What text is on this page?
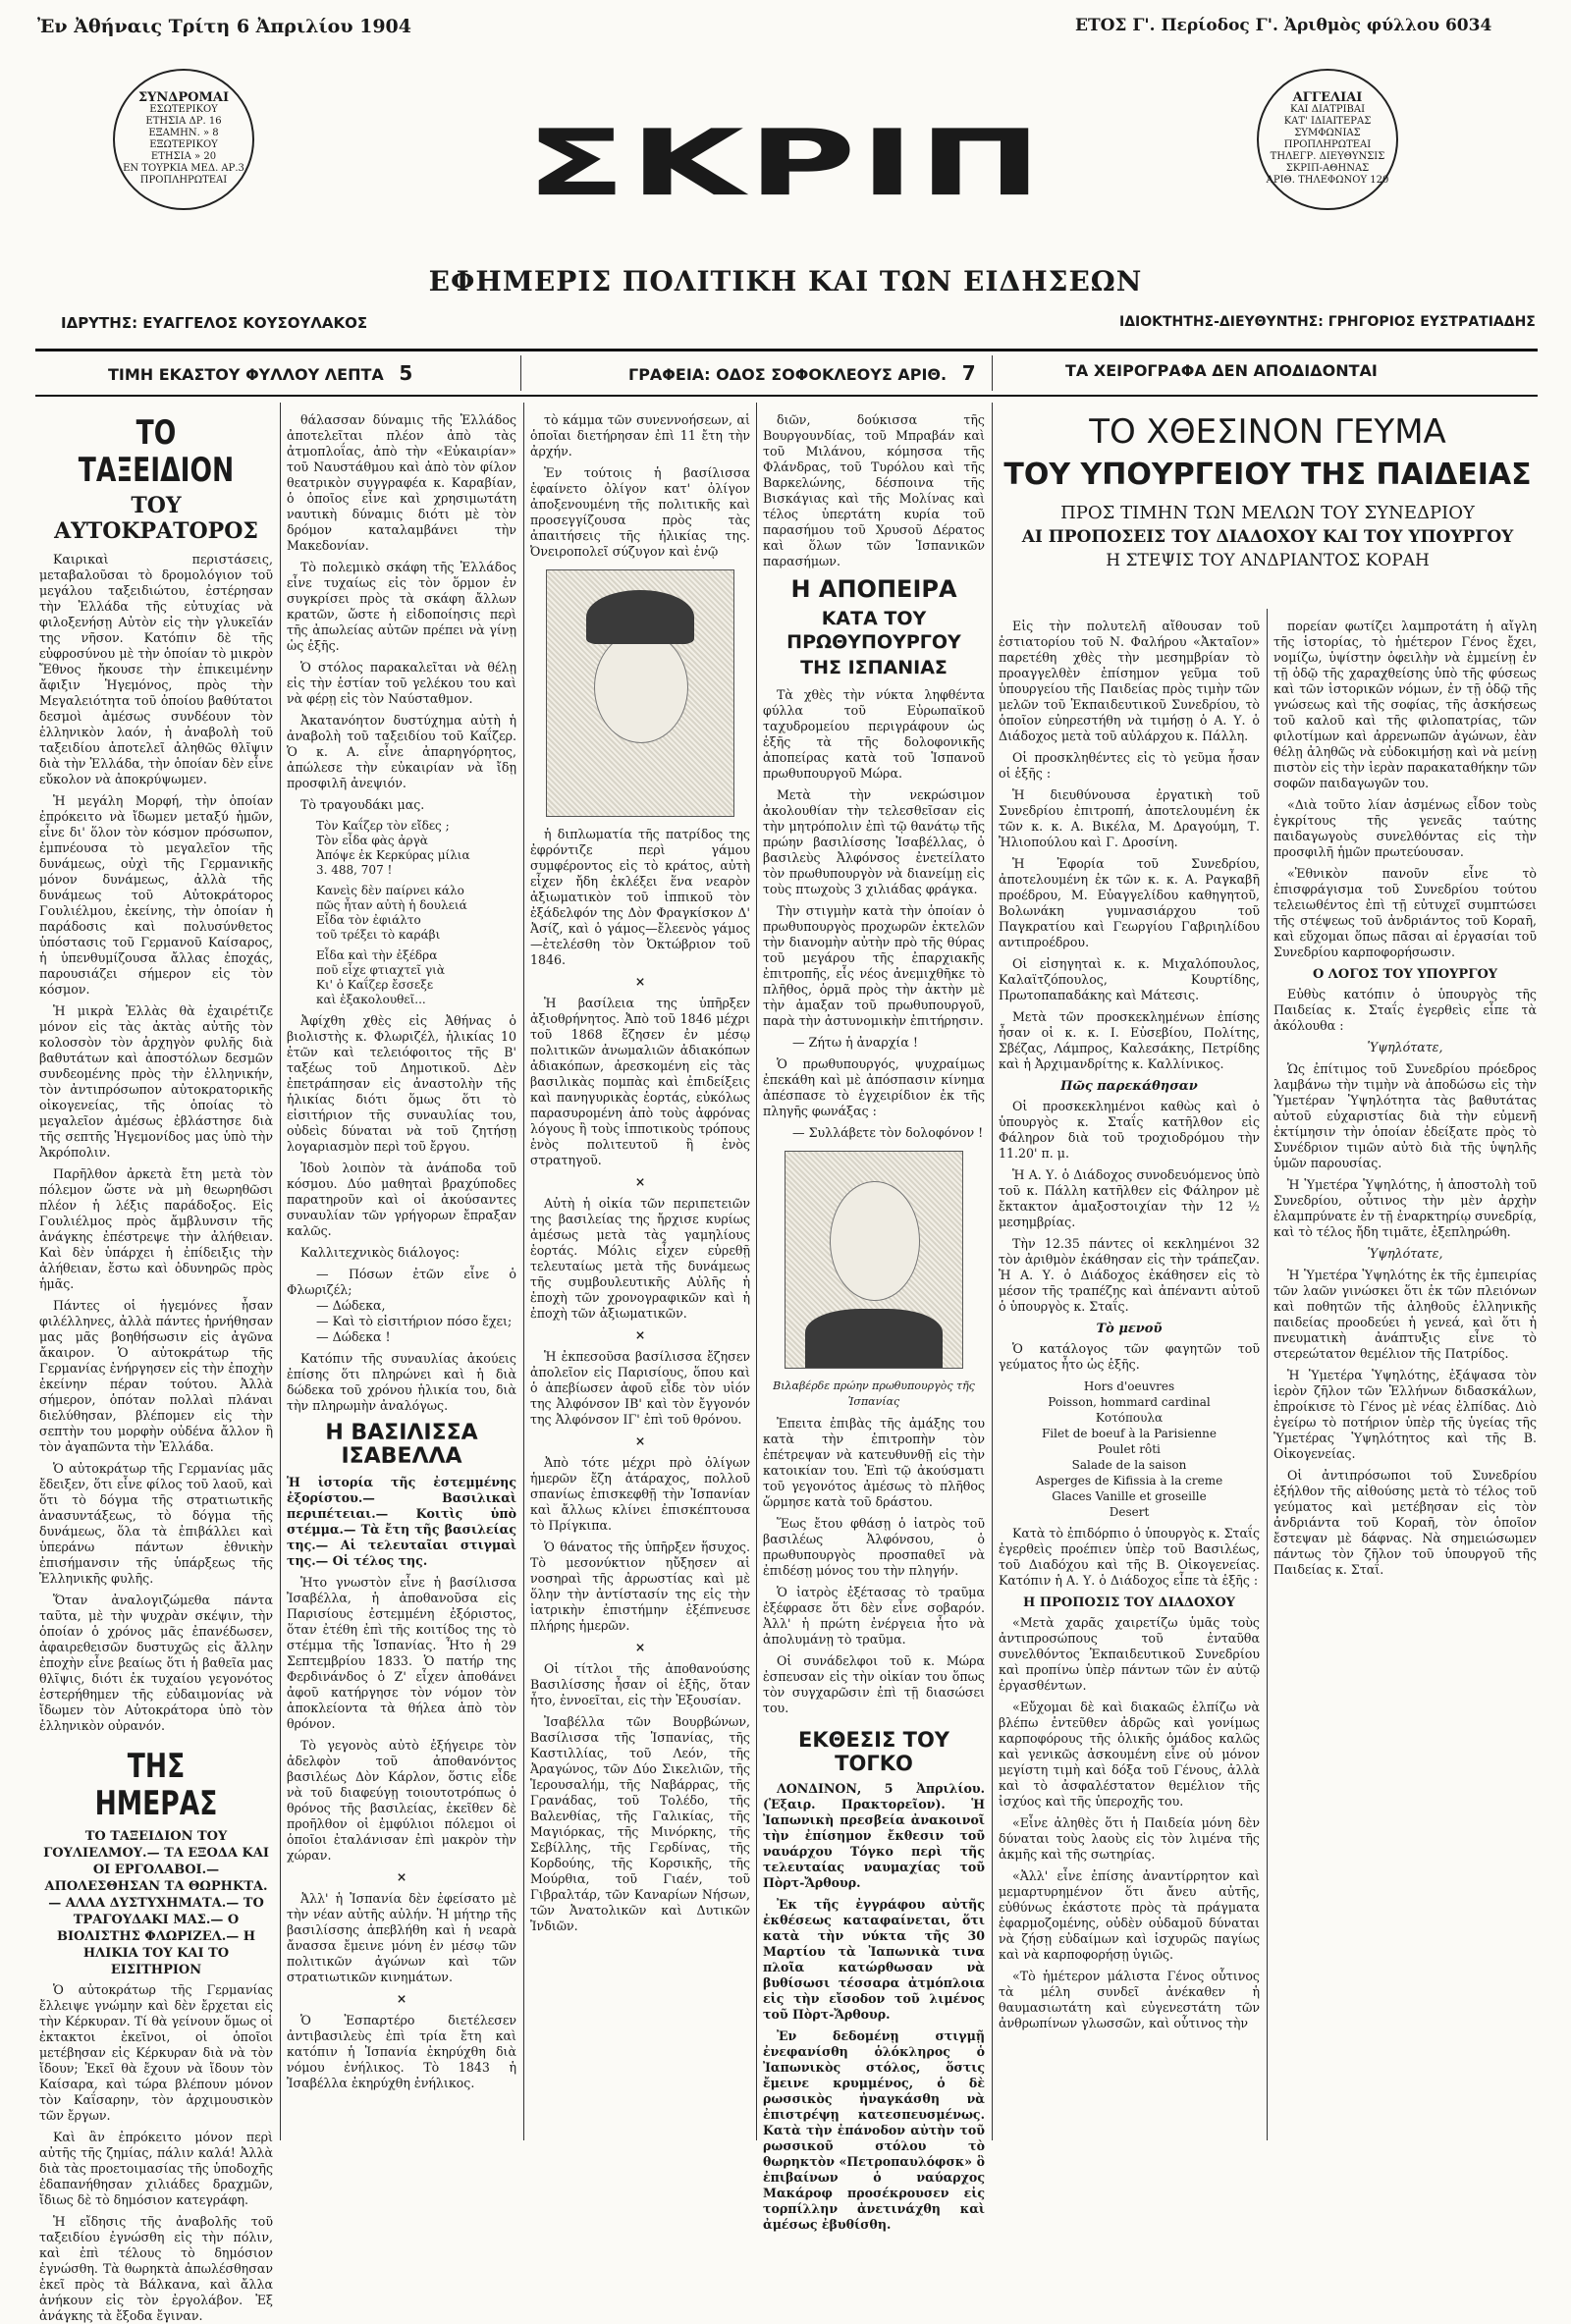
Ἐν Ἀθήναις Τρίτη 6 Ἀπριλίου 1904	ΕΤΟΣ Γ'. Περίοδος Γ'. Ἀριθμὸς φύλλου 6034
ΣΥΝΔΡΟΜΑΙ
ΕΣΩΤΕΡΙΚΟΥ
ΕΤΗΣΙΑ ΔΡ. 16
ΕΞΑΜΗΝ. » 8
ΕΞΩΤΕΡΙΚΟΥ
ΕΤΗΣΙΑ » 20
ΕΝ ΤΟΥΡΚΙΑ ΜΕΔ. ΑΡ.3
ΠΡΟΠΛΗΡΩΤΕΑΙ
ΑΓΓΕΛΙΑΙ
ΚΑΙ ΔΙΑΤΡΙΒΑΙ
ΚΑΤ' ΙΔΙΑΙΤΕΡΑΣ
ΣΥΜΦΩΝΙΑΣ
ΠΡΟΠΛΗΡΩΤΕΑΙ
ΤΗΛΕΓΡ. ΔΙΕΥΘΥΝΣΙΣ
ΣΚΡΙΠ-ΑΘΗΝΑΣ
ΑΡΙΘ. ΤΗΛΕΦΩΝΟΥ 120
ΣΚΡΙΠ
ΕΦΗΜΕΡΙΣ ΠΟΛΙΤΙΚΗ ΚΑΙ ΤΩΝ ΕΙΔΗΣΕΩΝ
ΙΔΡΥΤΗΣ: ΕΥΑΓΓΕΛΟΣ ΚΟΥΣΟΥΛΑΚΟΣ	ΙΔΙΟΚΤΗΤΗΣ-ΔΙΕΥΘΥΝΤΗΣ: ΓΡΗΓΟΡΙΟΣ ΕΥΣΤΡΑΤΙΑΔΗΣ
ΤΙΜΗ ΕΚΑΣΤΟΥ ΦΥΛΛΟΥ ΛΕΠΤΑ 5	ΓΡΑΦΕΙΑ: ΟΔΟΣ ΣΟΦΟΚΛΕΟΥΣ ΑΡΙΘ. 7	ΤΑ ΧΕΙΡΟΓΡΑΦΑ ΔΕΝ ΑΠΟΔΙΔΟΝΤΑΙ
ΤΟ ΤΑΞΕΙΔΙΟΝ
ΤΟΥ ΑΥΤΟΚΡΑΤΟΡΟΣ

Καιρικαὶ περιστάσεις, μεταβαλοῦσαι τὸ δρομολόγιον τοῦ μεγάλου ταξειδιώτου, ἐστέρησαν τὴν Ἑλλάδα τῆς εὐτυχίας νὰ φιλοξενήσῃ Αὐτὸν εἰς τὴν γλυκεῖάν της νῆσον. Κατόπιν δὲ τῆς εὐφροσύνου μὲ τὴν ὁποίαν τὸ μικρὸν Ἔθνος ἤκουσε τὴν ἐπικειμένην ἄφιξιν Ἡγεμόνος, πρὸς τὴν Μεγαλειότητα τοῦ ὁποίου βαθύτατοι δεσμοὶ ἀμέσως συνδέουν τὸν ἑλληνικὸν λαόν, ἡ ἀναβολὴ τοῦ ταξειδίου ἀποτελεῖ ἀληθῶς θλῖψιν διὰ τὴν Ἑλλάδα, τὴν ὁποίαν δὲν εἶνε εὔκολον νὰ ἀποκρύψωμεν.

Ἡ μεγάλη Μορφή, τὴν ὁποίαν ἐπρόκειτο νὰ ἴδωμεν μεταξύ ἡμῶν, εἶνε δι' ὅλον τὸν κόσμον πρόσωπον, ἐμπνέουσα τὸ μεγαλεῖον τῆς δυνάμεως, οὐχὶ τῆς Γερμανικῆς μόνον δυνάμεως, ἀλλὰ τῆς δυνάμεως τοῦ Αὐτοκράτορος Γουλιέλμου, ἐκείνης, τὴν ὁποίαν ἡ παράδοσις καὶ πολυσύνθετος ὑπόστασις τοῦ Γερμανοῦ Καίσαρος, ἡ ὑπενθυμίζουσα ἄλλας ἐποχάς, παρουσιάζει σήμερον εἰς τὸν κόσμον.

Ἡ μικρὰ Ἑλλὰς θὰ ἐχαιρέτιζε μόνον εἰς τὰς ἀκτὰς αὐτῆς τὸν κολοσσὸν τὸν ἀρχηγὸν φυλῆς διὰ βαθυτάτων καὶ ἀποστόλων δεσμῶν συνδεομένης πρὸς τὴν ἑλληνικήν, τὸν ἀντιπρόσωπον αὐτοκρατορικῆς οἰκογενείας, τῆς ὁποίας τὸ μεγαλεῖον ἀμέσως ἐβλάστησε διὰ τῆς σεπτῆς Ἡγεμονίδος μας ὑπὸ τὴν Ἀκρόπολιν.

Παρῆλθον ἀρκετὰ ἔτη μετὰ τὸν πόλεμον ὥστε νὰ μὴ θεωρηθῶσι πλέον ἡ λέξις παράδοξος. Εἰς Γουλιέλμος πρὸς ἄμβλυνσιν τῆς ἀνάγκης ἐπέστρεψε τὴν ἀλήθειαν. Καὶ δὲν ὑπάρχει ἡ ἐπίδειξις τὴν ἀλήθειαν, ἔστω καὶ ὀδυνηρῶς πρὸς ἡμᾶς.

Πάντες οἱ ἡγεμόνες ἦσαν φιλέλληνες, ἀλλὰ πάντες ἠρνήθησαν μας μᾶς βοηθήσωσιν εἰς ἀγῶνα ἄκαιρον. Ὁ αὐτοκράτωρ τῆς Γερμανίας ἐνήργησεν εἰς τὴν ἐποχὴν ἐκείνην πέραν τούτου. Ἀλλὰ σήμερον, ὁπόταν πολλαὶ πλάναι διελύθησαν, βλέπομεν εἰς τὴν σεπτὴν του μορφὴν οὐδένα ἄλλον ἢ τὸν ἀγαπῶντα τὴν Ἑλλάδα.

Ὁ αὐτοκράτωρ τῆς Γερμανίας μᾶς ἔδειξεν, ὅτι εἶνε φίλος τοῦ λαοῦ, καὶ ὅτι τὸ δόγμα τῆς στρατιωτικῆς ἀνασυντάξεως, τὸ δόγμα τῆς δυνάμεως, ὅλα τὰ ἐπιβάλλει καὶ ὑπεράνω πάντων ἐθνικὴν ἐπισήμανσιν τῆς ὑπάρξεως τῆς Ἑλληνικῆς φυλῆς.

Ὅταν ἀναλογιζώμεθα πάντα ταῦτα, μὲ τὴν ψυχρὰν σκέψιν, τὴν ὁποίαν ὁ χρόνος μᾶς ἐπανέδωσεν, ἀφαιρεθεισῶν δυστυχῶς εἰς ἄλλην ἐποχὴν εἶνε βεαίως ὅτι ἡ βαθεῖα μας θλῖψις, διότι ἐκ τυχαίου γεγονότος ἐστερήθημεν τῆς εὐδαιμονίας νὰ ἴδωμεν τὸν Αὐτοκράτορα ὑπὸ τὸν ἑλληνικὸν οὐρανόν.

ΤΗΣ ΗΜΕΡΑΣ
ΤΟ ΤΑΞΕΙΔΙΟΝ ΤΟΥ ΓΟΥΛΙΕΛΜΟΥ.— ΤΑ ΕΞΟΔΑ ΚΑΙ ΟΙ ΕΡΓΟΛΑΒΟΙ.—ΑΠΟΛΕΣΘΗΣΑΝ ΤΑ ΘΩΡΗΚΤΑ.— ΑΛΛΑ ΔΥΣΤΥΧΗΜΑΤΑ.— ΤΟ ΤΡΑΓΟΥΔΑΚΙ ΜΑΣ.— Ο ΒΙΟΛΙΣΤΗΣ ΦΛΩΡΙΖΕΛ.— Η ΗΛΙΚΙΑ ΤΟΥ ΚΑΙ ΤΟ ΕΙΣΙΤΗΡΙΟΝ

Ὁ αὐτοκράτωρ τῆς Γερμανίας ἔλλειψε γνώμην καὶ δὲν ἔρχεται εἰς τὴν Κέρκυραν. Τί θὰ γείνουν ὅμως οἱ ἐκτακτοι ἐκεῖνοι, οἱ ὁποῖοι μετέβησαν εἰς Κέρκυραν διὰ νὰ τὸν ἴδουν; Ἐκεῖ θὰ ἔχουν νὰ ἴδουν τὸν Καίσαρα, καὶ τώρα βλέπουν μόνον τὸν Καΐσαρην, τὸν ἀρχιμουσικὸν τῶν ἔργων.

Καὶ ἂν ἐπρόκειτο μόνον περὶ αὐτῆς τῆς ζημίας, πάλιν καλά! Ἀλλὰ διὰ τὰς προετοιμασίας τῆς ὑποδοχῆς ἐδαπανήθησαν χιλιάδες δραχμῶν, ἴδιως δὲ τὸ δημόσιον κατεγράφη.

Ἡ εἴδησις τῆς ἀναβολῆς τοῦ ταξειδίου ἐγνώσθη εἰς τὴν πόλιν, καὶ ἐπὶ τέλους τὸ δημόσιον ἐγνώσθη. Τὰ θωρηκτὰ ἀπωλέσθησαν ἐκεῖ πρὸς τὰ Βάλκανα, καὶ ἄλλα ἀνήκουν εἰς τὸν ἐργολάβον. Ἐξ ἀνάγκης τὰ ἔξοδα ἔγιναν.

θάλασσαν δύναμις τῆς Ἑλλάδος ἀποτελεῖται πλέον ἀπὸ τὰς ἀτμοπλοΐας, ἀπὸ τὴν «Εὐκαιρίαν» τοῦ Ναυστάθμου καὶ ἀπὸ τὸν φίλον θεατρικὸν συγγραφέα κ. Καραβίαν, ὁ ὁποῖος εἶνε καὶ χρησιμωτάτη ναυτικὴ δύναμις διότι μὲ τὸν δρόμον καταλαμβάνει τὴν Μακεδονίαν.

Τὸ πολεμικὸ σκάφη τῆς Ἑλλάδος εἶνε τυχαίως εἰς τὸν ὅρμον ἐν συγκρίσει πρὸς τὰ σκάφη ἄλλων κρατῶν, ὥστε ἡ εἰδοποίησις περὶ τῆς ἀπωλείας αὐτῶν πρέπει νὰ γίνῃ ὡς ἑξῆς.

Ὁ στόλος παρακαλεῖται νὰ θέλῃ εἰς τὴν ἑστίαν τοῦ γελέκου του καὶ νὰ φέρῃ εἰς τὸν Ναύσταθμον.

Ἀκατανόητον δυστύχημα αὐτὴ ἡ ἀναβολὴ τοῦ ταξειδίου τοῦ Καΐζερ. Ὁ κ. Α. εἶνε ἀπαρηγόρητος, ἀπώλεσε τὴν εὐκαιρίαν νὰ ἴδῃ προσφιλῆ ἀνεψιόν.

Τὸ τραγουδάκι μας.

Τὸν Καΐζερ τὸν εἴδες ;
Τὸν εἶδα φὰς ἀργὰ
Ἀπόψε ἐκ Κερκύρας μίλια
3. 488, 707 !
Κανεὶς δὲν παίρνει κάλο
πῶς ἦταν αὐτὴ ἡ δουλειά
Εἶδα τὸν ἐφιάλτο
τοῦ τρέξει τὸ καράβι
Εἶδα καὶ τὴν ἐξέδρα
ποῦ εἶχε φτιαχτεῖ γιὰ
Κι' ὁ Καΐζερ ἔσσεξε
καὶ ἐξακολουθεῖ...

Ἀφίχθη χθὲς εἰς Ἀθήνας ὁ βιολιστὴς κ. Φλωριζέλ, ἡλικίας 10 ἐτῶν καὶ τελειόφοιτος τῆς Β' ταξέως τοῦ Δημοτικοῦ. Δὲν ἐπετράπησαν εἰς ἀναστολὴν τῆς ἡλικίας διότι ὅμως ὅτι τὸ εἰσιτήριον τῆς συναυλίας του, οὐδεὶς δύναται νὰ τοῦ ζητήσῃ λογαριασμὸν περὶ τοῦ ἔργου.

Ἰδοὺ λοιπὸν τὰ ἀνάποδα τοῦ κόσμου. Δύο μαθηταὶ βραχύποδες παρατηροῦν καὶ οἱ ἀκούσαντες συναυλίαν τῶν γρήγορων ἔπραξαν καλῶς.

Καλλιτεχνικὸς διάλογος:

— Πόσων ἐτῶν εἶνε ὁ Φλωριζέλ;

— Δώδεκα,

— Καὶ τὸ εἰσιτήριον πόσο ἔχει;

— Δώδεκα !

Κατόπιν τῆς συναυλίας ἀκούεις ἐπίσης ὅτι πληρώνει καὶ ἡ διὰ δώδεκα τοῦ χρόνου ἡλικία του, διὰ τὴν πληρωμὴν ἀναλόγως.

Η ΒΑΣΙΛΙΣΣΑ ΙΣΑΒΕΛΛΑ

Ἡ ἱστορία τῆς ἐστεμμένης ἐξορίστου.— Βασιλικαὶ περιπέτειαι.— Κοιτὶς ὑπὸ στέμμα.— Τὰ ἔτη τῆς βασιλείας της.— Αἱ τελευταῖαι στιγμαὶ της.— Οἱ τέλος της.

Ἡτο γνωστὸν εἶνε ἡ βασίλισσα Ἰσαβέλλα, ἡ ἀποθανοῦσα εἰς Παρισίους ἐστεμμένη ἐξόριστος, ὅταν ἐτέθη ἐπὶ τῆς κοιτίδος της τὸ στέμμα τῆς Ἱσπανίας. Ἦτο ἡ 29 Σεπτεμβρίου 1833. Ὁ πατήρ της Φερδινάνδος ὁ Ζ' εἶχεν ἀποθάνει ἀφοῦ κατήργησε τὸν νόμον τὸν ἀποκλείοντα τὰ θήλεα ἀπὸ τὸν θρόνον.

Τὸ γεγονὸς αὐτὸ ἐξήγειρε τὸν ἀδελφὸν τοῦ ἀποθανόντος βασιλέως Δὸν Κάρλον, ὅστις εἶδε νὰ τοῦ διαφεύγῃ τοιουτοτρόπως ὁ θρόνος τῆς βασιλείας, ἐκεῖθεν δὲ προῆλθον οἱ ἐμφύλιοι πόλεμοι οἱ ὁποῖοι ἐταλάνισαν ἐπὶ μακρὸν τὴν χώραν.

×

Ἀλλ' ἡ Ἱσπανία δὲν ἐφείσατο μὲ τὴν νέαν αὐτῆς αὐλήν. Ἡ μήτηρ τῆς βασιλίσσης ἀπεβλήθη καὶ ἡ νεαρὰ ἄνασσα ἔμεινε μόνη ἐν μέσῳ τῶν πολιτικῶν ἀγώνων καὶ τῶν στρατιωτικῶν κινημάτων.

×

Ὁ Ἐσπαρτέρο διετέλεσεν ἀντιβασιλεὺς ἐπὶ τρία ἔτη καὶ κατόπιν ἡ Ἱσπανία ἐκηρύχθη διὰ νόμου ἐνήλικος. Τὸ 1843 ἡ Ἰσαβέλλα ἐκηρύχθη ἐνήλικος.

τὸ κάμμα τῶν συνεννοήσεων, αἱ ὁποῖαι διετήρησαν ἐπὶ 11 ἔτη τὴν ἀρχήν.

Ἐν τούτοις ἡ βασίλισσα ἐφαίνετο ὀλίγον κατ' ὀλίγον ἀποξενουμένη τῆς πολιτικῆς καὶ προσεγγίζουσα πρὸς τὰς ἀπαιτήσεις τῆς ἡλικίας της. Ὀνειροπολεῖ σύζυγον καὶ ἐνῷ

ἡ διπλωματία τῆς πατρίδος της ἐφρόντιζε περὶ γάμου συμφέροντος εἰς τὸ κράτος, αὐτὴ εἶχεν ἤδη ἐκλέξει ἕνα νεαρὸν ἀξιωματικὸν τοῦ ἱππικοῦ τὸν ἐξάδελφόν της Δὸν Φραγκίσκον Δ' Ἀσίζ, καὶ ὁ γάμος—ἔλεενὸς γάμος —ἐτελέσθη τὸν Ὀκτώβριον τοῦ 1846.

×

Ἡ βασίλεια της ὑπῆρξεν ἀξιοθρήνητος. Ἀπὸ τοῦ 1846 μέχρι τοῦ 1868 ἔζησεν ἐν μέσῳ πολιτικῶν ἀνωμαλιῶν ἀδιακόπων ἀδιακόπων, ἀρεσκομένη εἰς τὰς βασιλικὰς πομπὰς καὶ ἐπιδείξεις καὶ πανηγυρικὰς ἑορτάς, εὐκόλως παρασυρομένη ἀπὸ τοὺς ἀφρόνας λόγους ἢ τοὺς ἱπποτικοὺς τρόπους ἑνὸς πολιτευτοῦ ἢ ἑνὸς στρατηγοῦ.

×

Αὐτὴ ἡ οἰκία τῶν περιπετειῶν της βασιλείας της ἤρχισε κυρίως ἀμέσως μετὰ τὰς γαμηλίους ἑορτάς. Μόλις εἶχεν εὑρεθῇ τελευταίως μετὰ τῆς δυνάμεως τῆς συμβουλευτικῆς Αὐλῆς ἡ ἐποχὴ τῶν χρονογραφικῶν καὶ ἡ ἐποχὴ τῶν ἀξιωματικῶν.

×

Ἡ ἐκπεσοῦσα βασίλισσα ἔζησεν ἀπολεῖον εἰς Παρισίους, ὅπου καὶ ὁ ἀπεβίωσεν ἀφοῦ εἶδε τὸν υἱόν της Ἀλφόνσον ΙΒ' καὶ τὸν ἔγγονόν της Ἀλφόνσον ΙΓ' ἐπὶ τοῦ θρόνου.

×

Ἀπὸ τότε μέχρι πρὸ ὀλίγων ἡμερῶν ἔζη ἀτάραχος, πολλοῦ σπανίως ἐπισκεφθῇ τὴν Ἱσπανίαν καὶ ἄλλως κλίνει ἐπισκέπτουσα τὸ Πρίγκιπα.

Ὁ θάνατος τῆς ὑπῆρξεν ἥσυχος. Τὸ μεσονύκτιον ηὔξησεν αἱ νοσηραὶ τῆς ἀρρωστίας καὶ μὲ ὅλην τὴν ἀντίστασίν της εἰς τὴν ἰατρικὴν ἐπιστήμην ἐξέπνευσε πλήρης ἡμερῶν.

×

Οἱ τίτλοι τῆς ἀποθανούσης Βασιλίσσης ἦσαν οἱ ἑξῆς, ὅταν ἦτο, ἐννοεῖται, εἰς τὴν Ἐξουσίαν.

Ἰσαβέλλα τῶν Βουρβώνων, Βασίλισσα τῆς Ἱσπανίας, τῆς Καστιλλίας, τοῦ Λεόν, τῆς Ἀραγώνος, τῶν Δύο Σικελιῶν, τῆς Ἱερουσαλήμ, τῆς Ναβάρρας, τῆς Γρανάδας, τοῦ Τολέδο, τῆς Βαλενθίας, τῆς Γαλικίας, τῆς Μαγιόρκας, τῆς Μινόρκης, τῆς Σεβίλλης, τῆς Γερδίνας, τῆς Κορδούης, τῆς Κορσικῆς, τῆς Μούρθια, τοῦ Γιαέν, τοῦ Γιβραλτάρ, τῶν Καναρίων Νήσων, τῶν Ἀνατολικῶν καὶ Δυτικῶν Ἰνδιῶν.

διῶν, δούκισσα τῆς Βουργουνδίας, τοῦ Μπραβάν καὶ τοῦ Μιλάνου, κόμησσα τῆς Φλάνδρας, τοῦ Τυρόλου καὶ τῆς Βαρκελώνης, δέσποινα τῆς Βισκάγιας καὶ τῆς Μολίνας καὶ τέλος ὑπερτάτη κυρία τοῦ παρασήμου τοῦ Χρυσοῦ Δέρατος καὶ ὅλων τῶν Ἱσπανικῶν παρασήμων.

Η ΑΠΟΠΕΙΡΑ
ΚΑΤΑ ΤΟΥ ΠΡΩΘΥΠΟΥΡΓΟΥ
ΤΗΣ ΙΣΠΑΝΙΑΣ

Τὰ χθὲς τὴν νύκτα ληφθέντα φύλλα τοῦ Εὐρωπαϊκοῦ ταχυδρομείου περιγράφουν ὡς ἑξῆς τὰ τῆς δολοφονικῆς ἀποπείρας κατὰ τοῦ Ἱσπανοῦ πρωθυπουργοῦ Μώρα.

Μετὰ τὴν νεκρώσιμον ἀκολουθίαν τὴν τελεσθεῖσαν εἰς τὴν μητρόπολιν ἐπὶ τῷ θανάτῳ τῆς πρώην βασιλίσσης Ἰσαβέλλας, ὁ βασιλεὺς Ἀλφόνσος ἐνετείλατο τὸν πρωθυπουργὸν νὰ διανείμῃ εἰς τοὺς πτωχοὺς 3 χιλιάδας φράγκα.

Τὴν στιγμὴν κατὰ τὴν ὁποίαν ὁ πρωθυπουργὸς προχωρῶν ἐκτελῶν τὴν διανομὴν αὐτὴν πρὸ τῆς θύρας τοῦ μεγάρου τῆς ἐπαρχιακῆς ἐπιτροπῆς, εἷς νέος ἀνεμιχθῆκε τὸ πλῆθος, ὁρμᾶ πρὸς τὴν ἀκτὴν μὲ τὴν ἀμαξαν τοῦ πρωθυπουργοῦ, παρὰ τὴν ἀστυνομικὴν ἐπιτήρησιν.

— Ζήτω ἡ ἀναρχία !

Ὁ πρωθυπουργός, ψυχραίμως ἐπεκάθη καὶ μὲ ἀπόσπασιν κίνημα ἀπέσπασε τὸ ἐγχειρίδιον ἐκ τῆς πληγῆς φωνάξας :

— Συλλάβετε τὸν δολοφόνον !

Βιλαβέρδε πρώην πρωθυπουργὸς τῆς Ἱσπανίας

Ἐπειτα ἐπιβὰς τῆς ἀμάξης του κατὰ τὴν ἐπιτροπὴν τὸν ἐπέτρεψαν νὰ κατευθυνθῇ εἰς τὴν κατοικίαν του. Ἐπὶ τῷ ἀκούσματι τοῦ γεγονότος ἀμέσως τὸ πλῆθος ὥρμησε κατὰ τοῦ δράστου.

Ἕως ἔτου φθάσῃ ὁ ἰατρὸς τοῦ βασιλέως Ἀλφόνσου, ὁ πρωθυπουργὸς προσπαθεῖ νὰ ἐπιδέσῃ μόνος του τὴν πληγήν.

Ὁ ἰατρὸς ἐξέτασας τὸ τραῦμα ἐξέφρασε ὅτι δὲν εἶνε σοβαρόν. Ἀλλ' ἡ πρώτη ἐνέργεια ἦτο νὰ ἀπολυμάνῃ τὸ τραῦμα.

Οἱ συνάδελφοι τοῦ κ. Μώρα ἐσπευσαν εἰς τὴν οἰκίαν του ὅπως τὸν συγχαρῶσιν ἐπὶ τῇ διασώσει του.

ΕΚΘΕΣΙΣ ΤΟΥ ΤΟΓΚΟ

ΛΟΝΔΙΝΟΝ, 5 Ἀπριλίου. (Ἐξαιρ. Πρακτορεῖον). Ἡ Ἰαπωνικὴ πρεσβεία ἀνακοινοῖ τὴν ἐπίσημον ἔκθεσιν τοῦ ναυάρχου Τόγκο περὶ τῆς τελευταίας ναυμαχίας τοῦ Πὸρτ-Ἄρθουρ.

Ἐκ τῆς ἐγγράφου αὐτῆς ἐκθέσεως καταφαίνεται, ὅτι κατὰ τὴν νύκτα τῆς 30 Μαρτίου τὰ Ἰαπωνικὰ τινα πλοῖα κατώρθωσαν νὰ βυθίσωσι τέσσαρα ἀτμόπλοια εἰς τὴν εἴσοδον τοῦ λιμένος τοῦ Πὸρτ-Ἄρθουρ.

Ἐν δεδομένῃ στιγμῇ ἐνεφανίσθη ὁλόκληρος ὁ Ἰαπωνικὸς στόλος, ὅστις ἔμεινε κρυμμένος, ὁ δὲ ρωσσικὸς ἠναγκάσθη νὰ ἐπιστρέψῃ κατεσπευσμένως. Κατὰ τὴν ἐπάνοδον αὐτὴν τοῦ ρωσσικοῦ στόλου τὸ θωρηκτὸν «Πετροπαυλόφσκ» ὃ ἐπιβαίνων ὁ ναύαρχος Μακάροφ προσέκρουσεν εἰς τορπίλλην ἀνετινάχθη καὶ ἀμέσως ἐβυθίσθη.

ΤΟ ΧΘΕΣΙΝΟΝ ΓΕΥΜΑ
ΤΟΥ ΥΠΟΥΡΓΕΙΟΥ ΤΗΣ ΠΑΙΔΕΙΑΣ
ΠΡΟΣ ΤΙΜΗΝ ΤΩΝ ΜΕΛΩΝ ΤΟΥ ΣΥΝΕΔΡΙΟΥ
ΑΙ ΠΡΟΠΟΣΕΙΣ ΤΟΥ ΔΙΑΔΟΧΟΥ ΚΑΙ ΤΟΥ ΥΠΟΥΡΓΟΥ
Η ΣΤΕΨΙΣ ΤΟΥ ΑΝΔΡΙΑΝΤΟΣ ΚΟΡΑΗ

Εἰς τὴν πολυτελῆ αἴθουσαν τοῦ ἑστιατορίου τοῦ Ν. Φαλήρου «Ἀκταῖον» παρετέθη χθὲς τὴν μεσημβρίαν τὸ προαγγελθὲν ἐπίσημον γεῦμα τοῦ ὑπουργείου τῆς Παιδείας πρὸς τιμὴν τῶν μελῶν τοῦ Ἐκπαιδευτικοῦ Συνεδρίου, τὸ ὁποῖον εὐηρεστήθη νὰ τιμήσῃ ὁ Α. Υ. ὁ Διάδοχος μετὰ τοῦ αὐλάρχου κ. Πάλλη.

Οἱ προσκληθέντες εἰς τὸ γεῦμα ἦσαν οἱ ἑξῆς :

Ἡ διευθύνουσα ἐργατικὴ τοῦ Συνεδρίου ἐπιτροπή, ἀποτελουμένη ἐκ τῶν κ. κ. Α. Βικέλα, Μ. Δραγούμη, Τ. Ἠλιοπούλου καὶ Γ. Δροσίνη.

Ἡ Ἐφορία τοῦ Συνεδρίου, ἀποτελουμένη ἐκ τῶν κ. κ. Α. Ραγκαβῆ προέδρου, Μ. Εὐαγγελίδου καθηγητοῦ, Βολωνάκη γυμνασιάρχου τοῦ Παγκρατίου καὶ Γεωργίου Γαβριηλίδου αντιπροέδρου.

Οἱ εἰσηγηταὶ κ. κ. Μιχαλόπουλος, Καλαϊτζόπουλος, Κουρτίδης, Πρωτοπαπαδάκης καὶ Μάτεσις.

Μετὰ τῶν προσκεκλημένων ἐπίσης ἦσαν οἱ κ. κ. Ι. Εὐσεβίου, Πολίτης, Σβέζας, Λάμπρος, Καλεσάκης, Πετρίδης καὶ ἡ Ἀρχιμανδρίτης κ. Καλλίνικος.

Πῶς παρεκάθησαν

Οἱ προσκεκλημένοι καθὼς καὶ ὁ ὑπουργὸς κ. Σταΐς κατῆλθον εἰς Φάληρον διὰ τοῦ τροχιοδρόμου τὴν 11.20' π. μ.

Ἡ Α. Υ. ὁ Διάδοχος συνοδευόμενος ὑπὸ τοῦ κ. Πάλλη κατῆλθεν εἰς Φάληρον μὲ ἔκτακτον ἁμαξοστοιχίαν τὴν 12 ½ μεσημβρίας.

Τὴν 12.35 πάντες οἱ κεκλημένοι 32 τὸν ἀριθμὸν ἐκάθησαν εἰς τὴν τράπεζαν. Ἡ Α. Υ. ὁ Διάδοχος ἐκάθησεν εἰς τὸ μέσον τῆς τραπέζης καὶ ἀπέναντι αὐτοῦ ὁ ὑπουργὸς κ. Σταΐς.

Τὸ μενοῦ

Ὁ κατάλογος τῶν φαγητῶν τοῦ γεύματος ἦτο ὡς ἑξῆς.

Hors d'oeuvres
Poisson, hommard cardinal
Κοτόπουλα
Filet de boeuf à la Parisienne
Poulet rôti
Salade de la saison
Asperges de Kifissia à la creme
Glaces Vanille et groseille
Desert

Κατὰ τὸ ἐπιδόρπιο ὁ ὑπουργὸς κ. Σταΐς ἐγερθεὶς προέπιεν ὑπὲρ τοῦ Βασιλέως, τοῦ Διαδόχου καὶ τῆς Β. Οἰκογενείας. Κατόπιν ἡ Α. Υ. ὁ Διάδοχος εἶπε τὰ ἑξῆς :

Η ΠΡΟΠΟΣΙΣ ΤΟΥ ΔΙΑΔΟΧΟΥ

«Μετὰ χαρᾶς χαιρετίζω ὑμᾶς τοὺς ἀντιπροσώπους τοῦ ἐνταῦθα συνελθόντος Ἐκπαιδευτικοῦ Συνεδρίου καὶ προπίνω ὑπὲρ πάντων τῶν ἐν αὐτῷ ἐργασθέντων.

«Εὔχομαι δὲ καὶ διακαῶς ἐλπίζω νὰ βλέπω ἐντεῦθεν ἀδρῶς καὶ γονίμως καρποφόρους τῆς ὁλικῆς ὁμάδος καλῶς καὶ γενικῶς ἀσκουμένη εἶνε οὐ μόνον μεγίστη τιμὴ καὶ δόξα τοῦ Γένους, ἀλλὰ καὶ τὸ ἀσφαλέστατον θεμέλιον τῆς ἰσχύος καὶ τῆς ὑπεροχῆς του.

«Εἶνε ἀληθὲς ὅτι ἡ Παιδεία μόνη δὲν δύναται τοὺς λαοὺς εἰς τὸν λιμένα τῆς ἀκμῆς καὶ τῆς σωτηρίας.

«Ἀλλ' εἶνε ἐπίσης ἀναντίρρητον καὶ μεμαρτυρημένον ὅτι ἄνευ αὐτῆς, εὐθύνως ἐκάστοτε πρὸς τὰ πράγματα ἐφαρμοζομένης, οὐδὲν οὐδαμοῦ δύναται νὰ ζήσῃ εὐδαίμων καὶ ἰσχυρῶς παγίως καὶ νὰ καρποφορήσῃ ὑγιῶς.

«Τὸ ἡμέτερον μάλιστα Γένος οὗτινος τὰ μέλη συνδεῖ ἀνέκαθεν ἡ θαυμασιωτάτη καὶ εὐγενεστάτη τῶν ἀνθρωπίνων γλωσσῶν, καὶ οὗτινος τὴν

πορείαν φωτίζει λαμπροτάτη ἡ αἴγλη τῆς ἱστορίας, τὸ ἡμέτερον Γένος ἔχει, νομίζω, ὑψίστην ὀφειλὴν νὰ ἐμμείνῃ ἐν τῇ ὁδῷ τῆς χαραχθείσης ὑπὸ τῆς φύσεως καὶ τῶν ἱστορικῶν νόμων, ἐν τῇ ὁδῷ τῆς γνώσεως καὶ τῆς σοφίας, τῆς ἀσκήσεως τοῦ καλοῦ καὶ τῆς φιλοπατρίας, τῶν φιλοτίμων καὶ ἀρρενωπῶν ἀγώνων, ἐὰν θέλῃ ἀληθῶς νὰ εὐδοκιμήσῃ καὶ νὰ μείνῃ πιστὸν εἰς τὴν ἱερὰν παρακαταθήκην τῶν σοφῶν παιδαγωγῶν του.

«Διὰ τοῦτο λίαν ἀσμένως εἶδον τοὺς ἐγκρίτους τῆς γενεᾶς ταύτης παιδαγωγοὺς συνελθόντας εἰς τὴν προσφιλῆ ἡμῶν πρωτεύουσαν.

«Ἐθνικὸν πανοῦν εἶνε τὸ ἐπισφράγισμα τοῦ Συνεδρίου τούτου τελειωθέντος ἐπὶ τῇ εὐτυχεῖ συμπτώσει τῆς στέψεως τοῦ ἀνδριάντος τοῦ Κοραῆ, καὶ εὔχομαι ὅπως πᾶσαι αἱ ἐργασίαι τοῦ Συνεδρίου καρποφορήσωσιν.

Ο ΛΟΓΟΣ ΤΟΥ ΥΠΟΥΡΓΟΥ

Εὐθὺς κατόπιν ὁ ὑπουργὸς τῆς Παιδείας κ. Σταΐς ἐγερθεὶς εἶπε τὰ ἀκόλουθα :

Ὑψηλότατε,

Ὡς ἐπίτιμος τοῦ Συνεδρίου πρόεδρος λαμβάνω τὴν τιμὴν νὰ ἀποδώσω εἰς τὴν Ὑμετέραν Ὑψηλότητα τὰς βαθυτάτας αὐτοῦ εὐχαριστίας διὰ τὴν εὐμενῆ ἐκτίμησιν τὴν ὁποίαν ἐδείξατε πρὸς τὸ Συνέδριον τιμῶν αὐτὸ διὰ τῆς ὑψηλῆς ὑμῶν παρουσίας.

Ἡ Ὑμετέρα Ὑψηλότης, ἡ ἀποστολὴ τοῦ Συνεδρίου, οὗτινος τὴν μὲν ἀρχὴν ἐλαμπρύνατε ἐν τῇ ἐναρκτηρίῳ συνεδρίᾳ, καὶ τὸ τέλος ἤδη τιμᾶτε, ἐξεπληρώθη.

Ὑψηλότατε,

Ἡ Ὑμετέρα Ὑψηλότης ἐκ τῆς ἐμπειρίας τῶν λαῶν γινώσκει ὅτι ἐκ τῶν πλειόνων καὶ ποθητῶν τῆς ἀληθοῦς ἑλληνικῆς παιδείας προοδεύει ἡ γενεά, καὶ ὅτι ἡ πνευματικὴ ἀνάπτυξις εἶνε τὸ στερεώτατον θεμέλιον τῆς Πατρίδος.

Ἡ Ὑμετέρα Ὑψηλότης, ἐξάψασα τὸν ἱερὸν ζῆλον τῶν Ἑλλήνων διδασκάλων, ἐπροίκισε τὸ Γένος μὲ νέας ἐλπίδας. Διὸ ἐγείρω τὸ ποτήριον ὑπὲρ τῆς ὑγείας τῆς Ὑμετέρας Ὑψηλότητος καὶ τῆς Β. Οἰκογενείας.

Οἱ ἀντιπρόσωποι τοῦ Συνεδρίου ἐξήλθον τῆς αἰθούσης μετὰ τὸ τέλος τοῦ γεύματος καὶ μετέβησαν εἰς τὸν ἀνδριάντα τοῦ Κοραῆ, τὸν ὁποῖον ἔστεψαν μὲ δάφνας. Νὰ σημειώσωμεν πάντως τὸν ζῆλον τοῦ ὑπουργοῦ τῆς Παιδείας κ. Σταΐ.
